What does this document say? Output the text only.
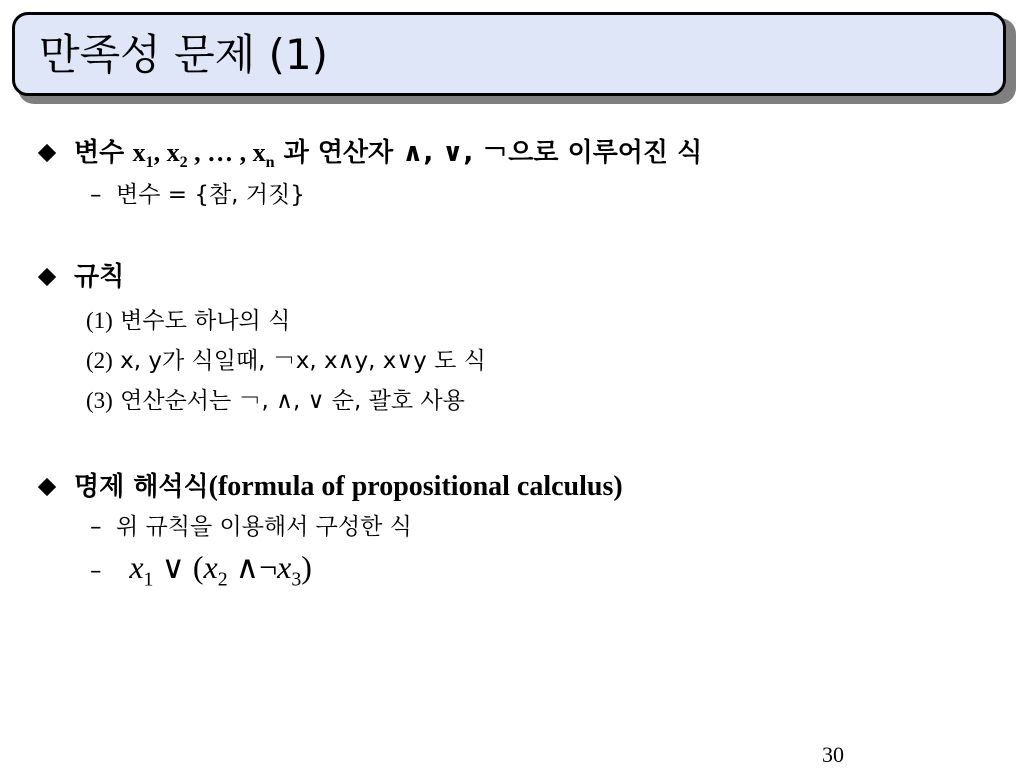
만족성 문제 (1)
변수 $x_1$, $x_2$ , … , $x_n$ 과 연산자 ∧, ∨, ￢으로 이루어진 식
– 변수 = {참, 거짓}
규칙
(1) 변수도 하나의 식
(2) x, y가 식일때, ￢x, x∧y, x∨y 도 식
(3) 연산순서는 ￢, ∧, ∨ 순, 괄호 사용
명제 해석식(formula of propositional calculus)
– 위 규칙을 이용해서 구성한 식
– $x_1$ ∨ ($x_2$ $\wedge\neg x_3$)
30
